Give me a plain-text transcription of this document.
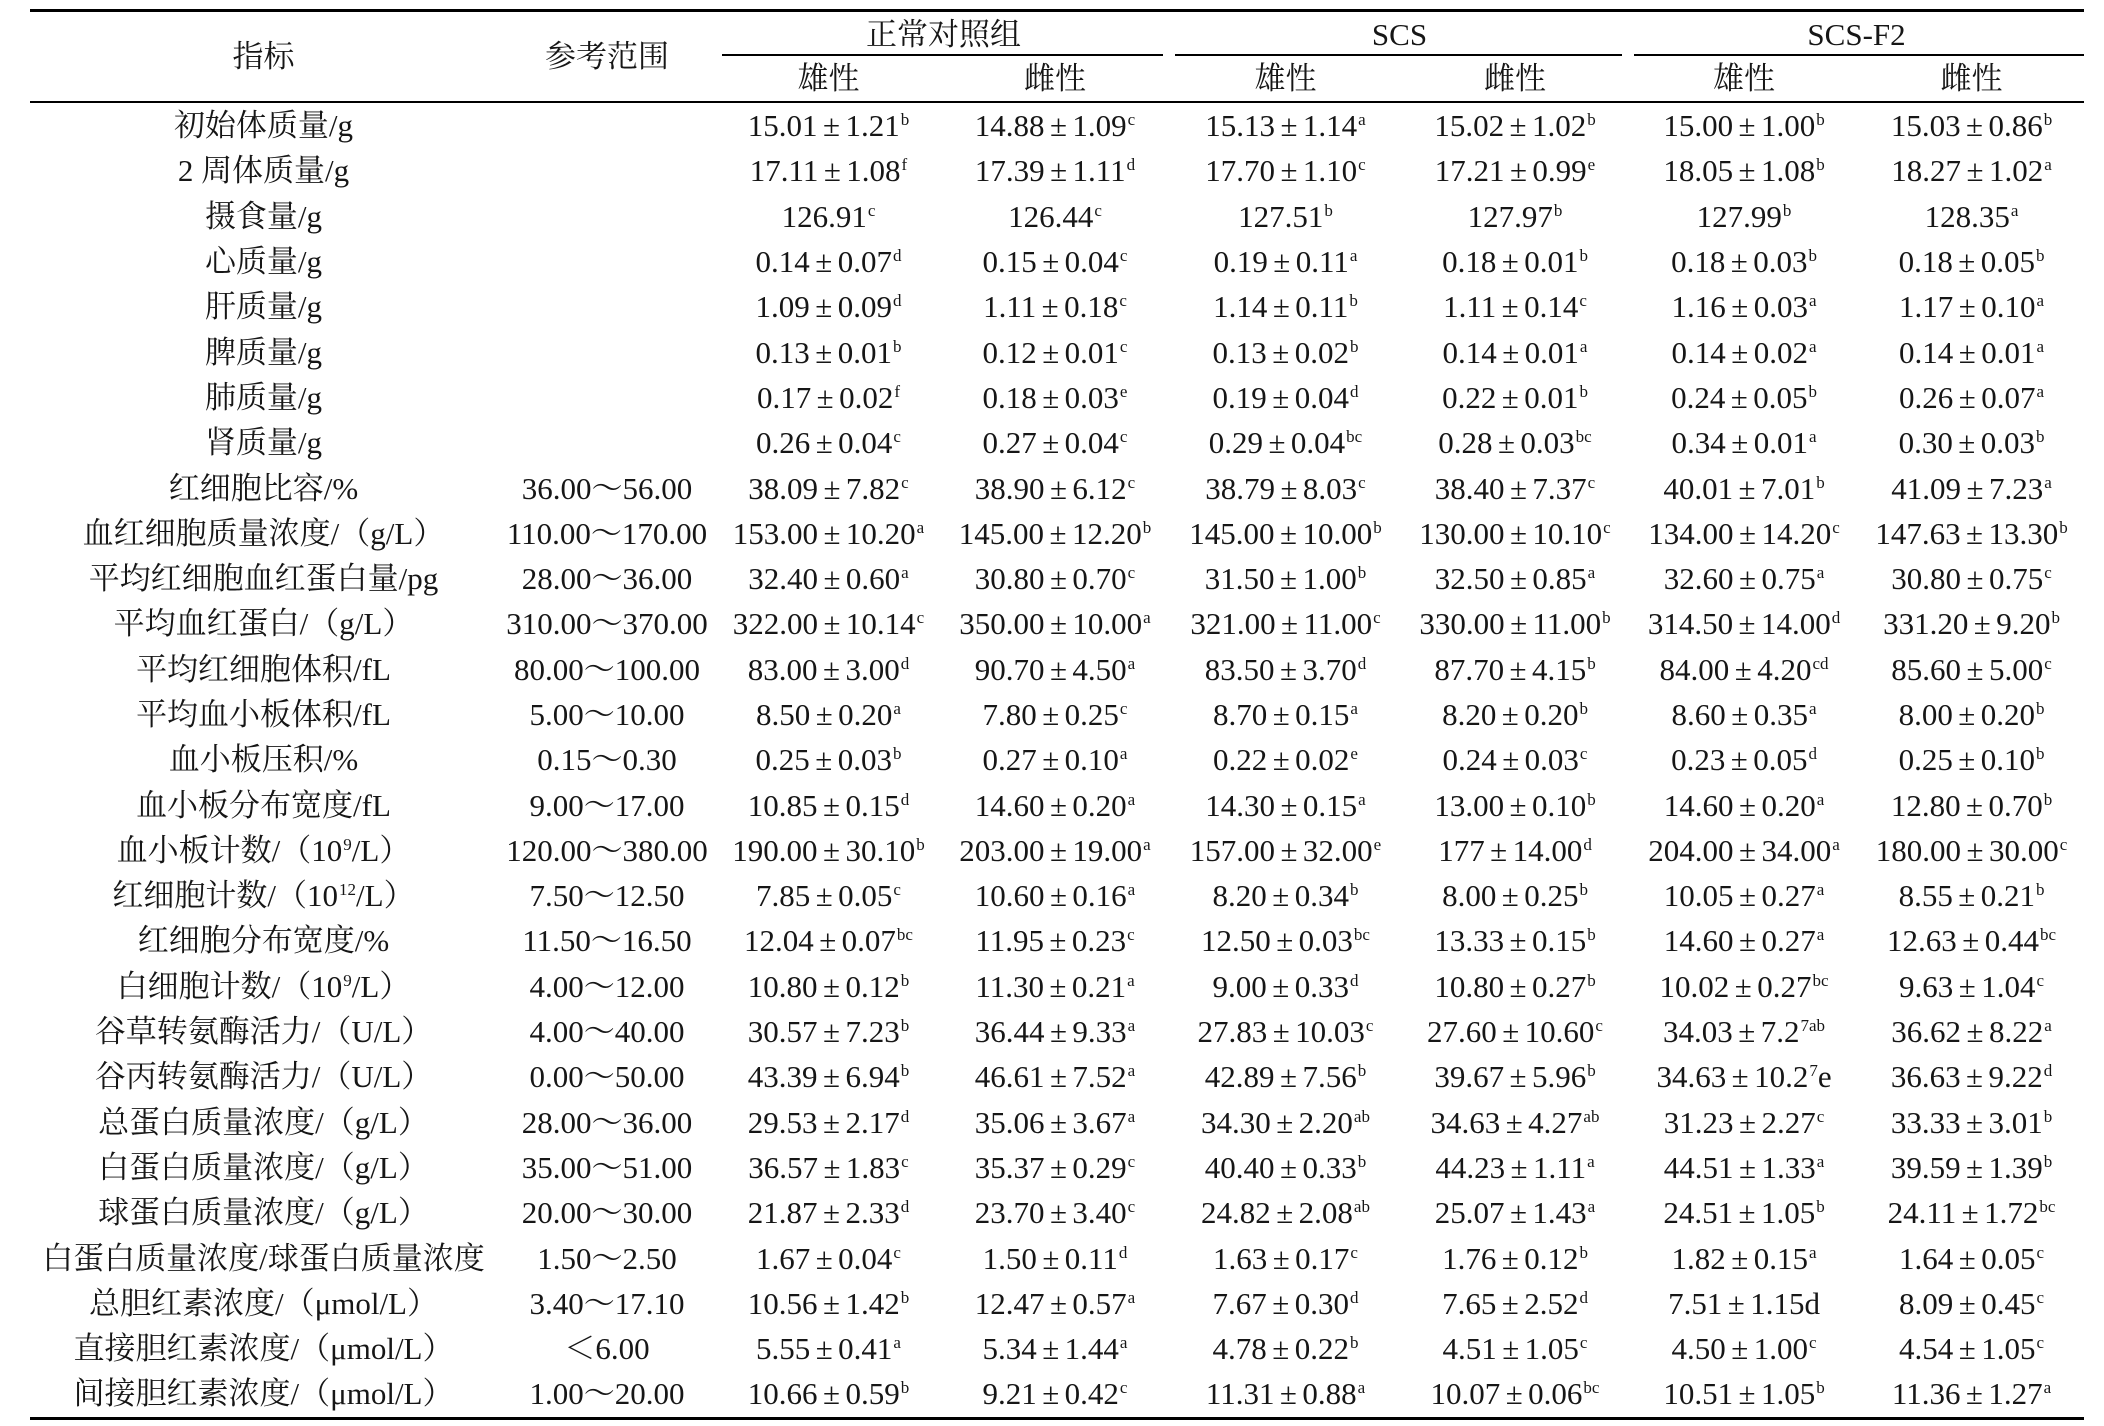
指标	参考范围	正常对照组		SCS		SCS-F2	

		雄性	雌性	雄性	雌性	雄性	雌性
初始体质量/g		15.01 ± 1.21$^b$	14.88 ± 1.09$^c$	15.13 ± 1.14$^a$	15.02 ± 1.02$^b$	15.00 ± 1.00$^b$	15.03 ± 0.86$^b$
2 周体质量/g		17.11 ± 1.08$^f$	17.39 ± 1.11$^d$	17.70 ± 1.10$^c$	17.21 ± 0.99$^e$	18.05 ± 1.08$^b$	18.27 ± 1.02$^a$
摄食量/g		126.91$^c$	126.44$^c$	127.51$^b$	127.97$^b$	127.99$^b$	128.35$^a$
心质量/g		0.14 ± 0.07$^d$	0.15 ± 0.04$^c$	0.19 ± 0.11$^a$	0.18 ± 0.01$^b$	0.18 ± 0.03$^b$	0.18 ± 0.05$^b$
肝质量/g		1.09 ± 0.09$^d$	1.11 ± 0.18$^c$	1.14 ± 0.11$^b$	1.11 ± 0.14$^c$	1.16 ± 0.03$^a$	1.17 ± 0.10$^a$
脾质量/g		0.13 ± 0.01$^b$	0.12 ± 0.01$^c$	0.13 ± 0.02$^b$	0.14 ± 0.01$^a$	0.14 ± 0.02$^a$	0.14 ± 0.01$^a$
肺质量/g		0.17 ± 0.02$^f$	0.18 ± 0.03$^e$	0.19 ± 0.04$^d$	0.22 ± 0.01$^b$	0.24 ± 0.05$^b$	0.26 ± 0.07$^a$
肾质量/g		0.26 ± 0.04$^c$	0.27 ± 0.04$^c$	0.29 ± 0.04$^{bc}$	0.28 ± 0.03$^{bc}$	0.34 ± 0.01$^a$	0.30 ± 0.03$^b$
红细胞比容/%	36.00～56.00	38.09 ± 7.82$^c$	38.90 ± 6.12$^c$	38.79 ± 8.03$^c$	38.40 ± 7.37$^c$	40.01 ± 7.01$^b$	41.09 ± 7.23$^a$
血红细胞质量浓度/（g/L）	110.00～170.00	153.00 ± 10.20$^a$	145.00 ± 12.20$^b$	145.00 ± 10.00$^b$	130.00 ± 10.10$^c$	134.00 ± 14.20$^c$	147.63 ± 13.30$^b$
平均红细胞血红蛋白量/pg	28.00～36.00	32.40 ± 0.60$^a$	30.80 ± 0.70$^c$	31.50 ± 1.00$^b$	32.50 ± 0.85$^a$	32.60 ± 0.75$^a$	30.80 ± 0.75$^c$
平均血红蛋白/（g/L）	310.00～370.00	322.00 ± 10.14$^c$	350.00 ± 10.00$^a$	321.00 ± 11.00$^c$	330.00 ± 11.00$^b$	314.50 ± 14.00$^d$	331.20 ± 9.20$^b$
平均红细胞体积/fL	80.00～100.00	83.00 ± 3.00$^d$	90.70 ± 4.50$^a$	83.50 ± 3.70$^d$	87.70 ± 4.15$^b$	84.00 ± 4.20$^{cd}$	85.60 ± 5.00$^c$
平均血小板体积/fL	5.00～10.00	8.50 ± 0.20$^a$	7.80 ± 0.25$^c$	8.70 ± 0.15$^a$	8.20 ± 0.20$^b$	8.60 ± 0.35$^a$	8.00 ± 0.20$^b$
血小板压积/%	0.15～0.30	0.25 ± 0.03$^b$	0.27 ± 0.10$^a$	0.22 ± 0.02$^e$	0.24 ± 0.03$^c$	0.23 ± 0.05$^d$	0.25 ± 0.10$^b$
血小板分布宽度/fL	9.00～17.00	10.85 ± 0.15$^d$	14.60 ± 0.20$^a$	14.30 ± 0.15$^a$	13.00 ± 0.10$^b$	14.60 ± 0.20$^a$	12.80 ± 0.70$^b$
血小板计数$/(10^9/L)$	120.00～380.00	190.00 ± 30.10$^b$	203.00 ± 19.00$^a$	157.00 ± 32.00$^e$	177 ± 14.00$^d$	204.00 ± 34.00$^a$	180.00 ± 30.00$^c$
红细胞计数$/(10^{12}/L)$	7.50～12.50	7.85 ± 0.05$^c$	10.60 ± 0.16$^a$	8.20 ± 0.34$^b$	8.00 ± 0.25$^b$	10.05 ± 0.27$^a$	8.55 ± 0.21$^b$
红细胞分布宽度/%	11.50～16.50	12.04 ± 0.07$^{bc}$	11.95 ± 0.23$^c$	12.50 ± 0.03$^{bc}$	13.33 ± 0.15$^b$	14.60 ± 0.27$^a$	12.63 ± 0.44$^{bc}$
白细胞计数$/(10^9/L)$	4.00～12.00	10.80 ± 0.12$^b$	11.30 ± 0.21$^a$	9.00 ± 0.33$^d$	10.80 ± 0.27$^b$	10.02 ± 0.27$^{bc}$	9.63 ± 1.04$^c$
谷草转氨酶活力/（U/L）	4.00～40.00	30.57 ± 7.23$^b$	36.44 ± 9.33$^a$	27.83 ± 10.03$^c$	27.60 ± 10.60$^c$	$34.03 \pm 7.2^{7ab}$	36.62 ± 8.22$^a$
谷丙转氨酶活力/（U/L）	0.00～50.00	43.39 ± 6.94$^b$	46.61 ± 7.52$^a$	42.89 ± 7.56$^b$	39.67 ± 5.96$^b$	$34.63 \pm 10.2^7e$	36.63 ± 9.22$^d$
总蛋白质量浓度/（g/L）	28.00～36.00	29.53 ± 2.17$^d$	35.06 ± 3.67$^a$	34.30 ± 2.20$^{ab}$	34.63 ± 4.27$^{ab}$	31.23 ± 2.27$^c$	33.33 ± 3.01$^b$
白蛋白质量浓度/（g/L）	35.00～51.00	36.57 ± 1.83$^c$	35.37 ± 0.29$^c$	40.40 ± 0.33$^b$	44.23 ± 1.11$^a$	44.51 ± 1.33$^a$	39.59 ± 1.39$^b$
球蛋白质量浓度/（g/L）	20.00～30.00	21.87 ± 2.33$^d$	23.70 ± 3.40$^c$	24.82 ± 2.08$^{ab}$	25.07 ± 1.43$^a$	24.51 ± 1.05$^b$	24.11 ± 1.72$^{bc}$
白蛋白质量浓度/球蛋白质量浓度	1.50～2.50	1.67 ± 0.04$^c$	1.50 ± 0.11$^d$	1.63 ± 0.17$^c$	1.76 ± 0.12$^b$	1.82 ± 0.15$^a$	1.64 ± 0.05$^c$
总胆红素浓度/（μmol/L）	3.40～17.10	10.56 ± 1.42$^b$	12.47 ± 0.57$^a$	7.67 ± 0.30$^d$	7.65 ± 2.52$^d$	7.51 ± 1.15d	8.09 ± 0.45$^c$
直接胆红素浓度/（μmol/L）	＜6.00	5.55 ± 0.41$^a$	5.34 ± 1.44$^a$	4.78 ± 0.22$^b$	4.51 ± 1.05$^c$	4.50 ± 1.00$^c$	4.54 ± 1.05$^c$
间接胆红素浓度/（μmol/L）	1.00～20.00	10.66 ± 0.59$^b$	9.21 ± 0.42$^c$	11.31 ± 0.88$^a$	10.07 ± 0.06$^{bc}$	10.51 ± 1.05$^b$	11.36 ± 1.27$^a$
